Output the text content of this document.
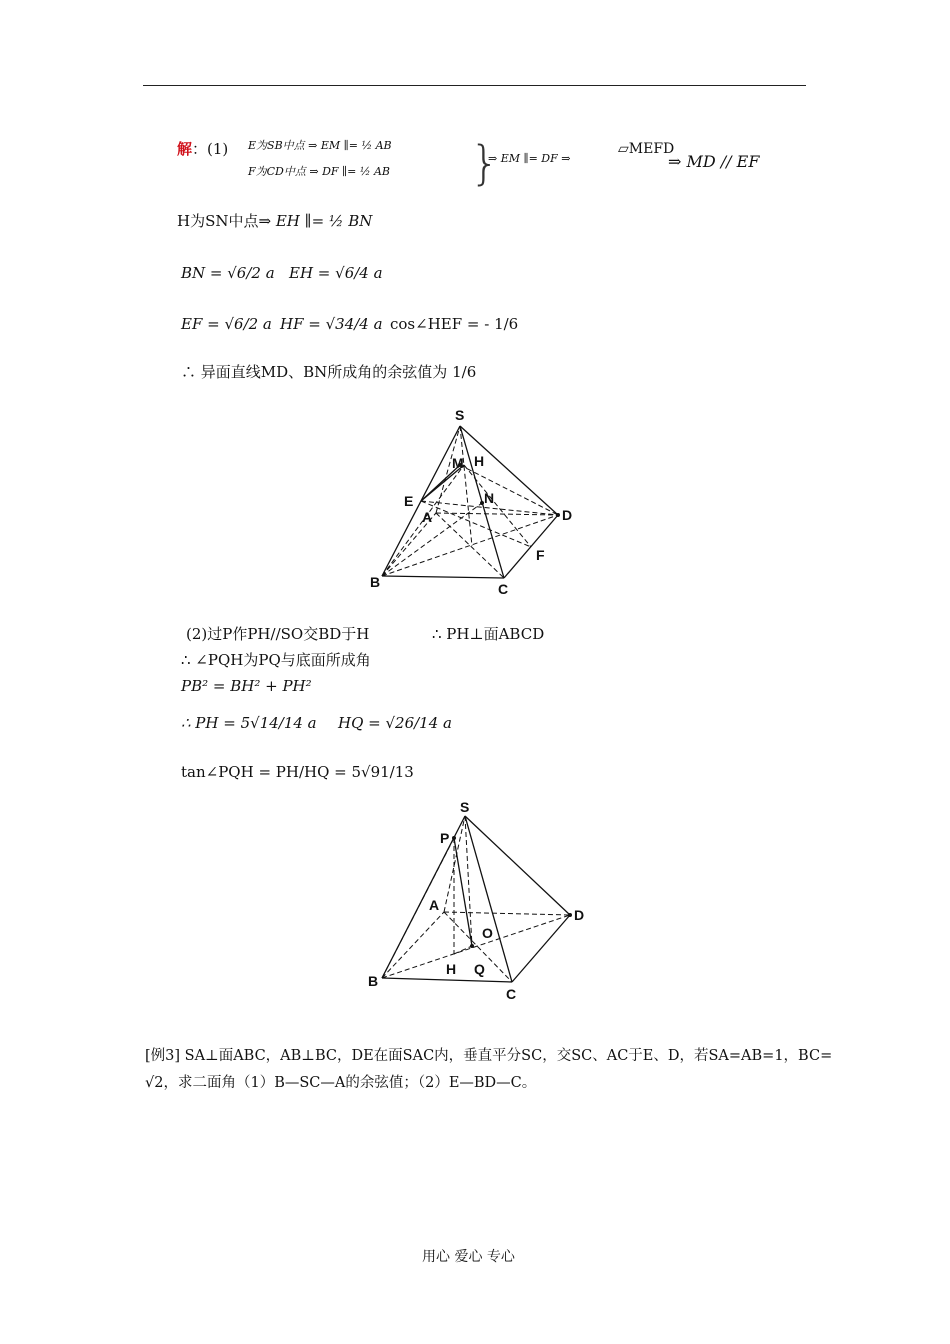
解：(1) E为SB中点 ⇒ EM ∥= ½ AB
F为CD中点 ⇒ DF ∥= ½ AB }
⇒ EM ∥= DF ⇒
▱MEFD
⇒ MD // EF
H为SN中点⇒ EH ∥= ½ BN
BN = √6/2 a EH = √6/4 a
EF = √6/2 a HF = √34/4 a cos∠HEF = - 1/6
∴ 异面直线MD、BN所成角的余弦值为 1/6
S
M H
E	N
A	D
F
B	C
(2)过P作PH//SO交BD于H	∴ PH⊥面ABCD
∴ ∠PQH为PQ与底面所成角
PB² = BH² + PH²
∴ PH = 5√14/14 a HQ = √26/14 a
tan∠PQH = PH/HQ = 5√91/13
S
P
A
D
O
B
H Q
C
[例3] SA⊥面ABC，AB⊥BC，DE在面SAC内，垂直平分SC，交SC、AC于E、D，若SA=AB=1，BC=
√2，求二面角（1）B—SC—A的余弦值；（2）E—BD—C。
用心 爱心 专心
